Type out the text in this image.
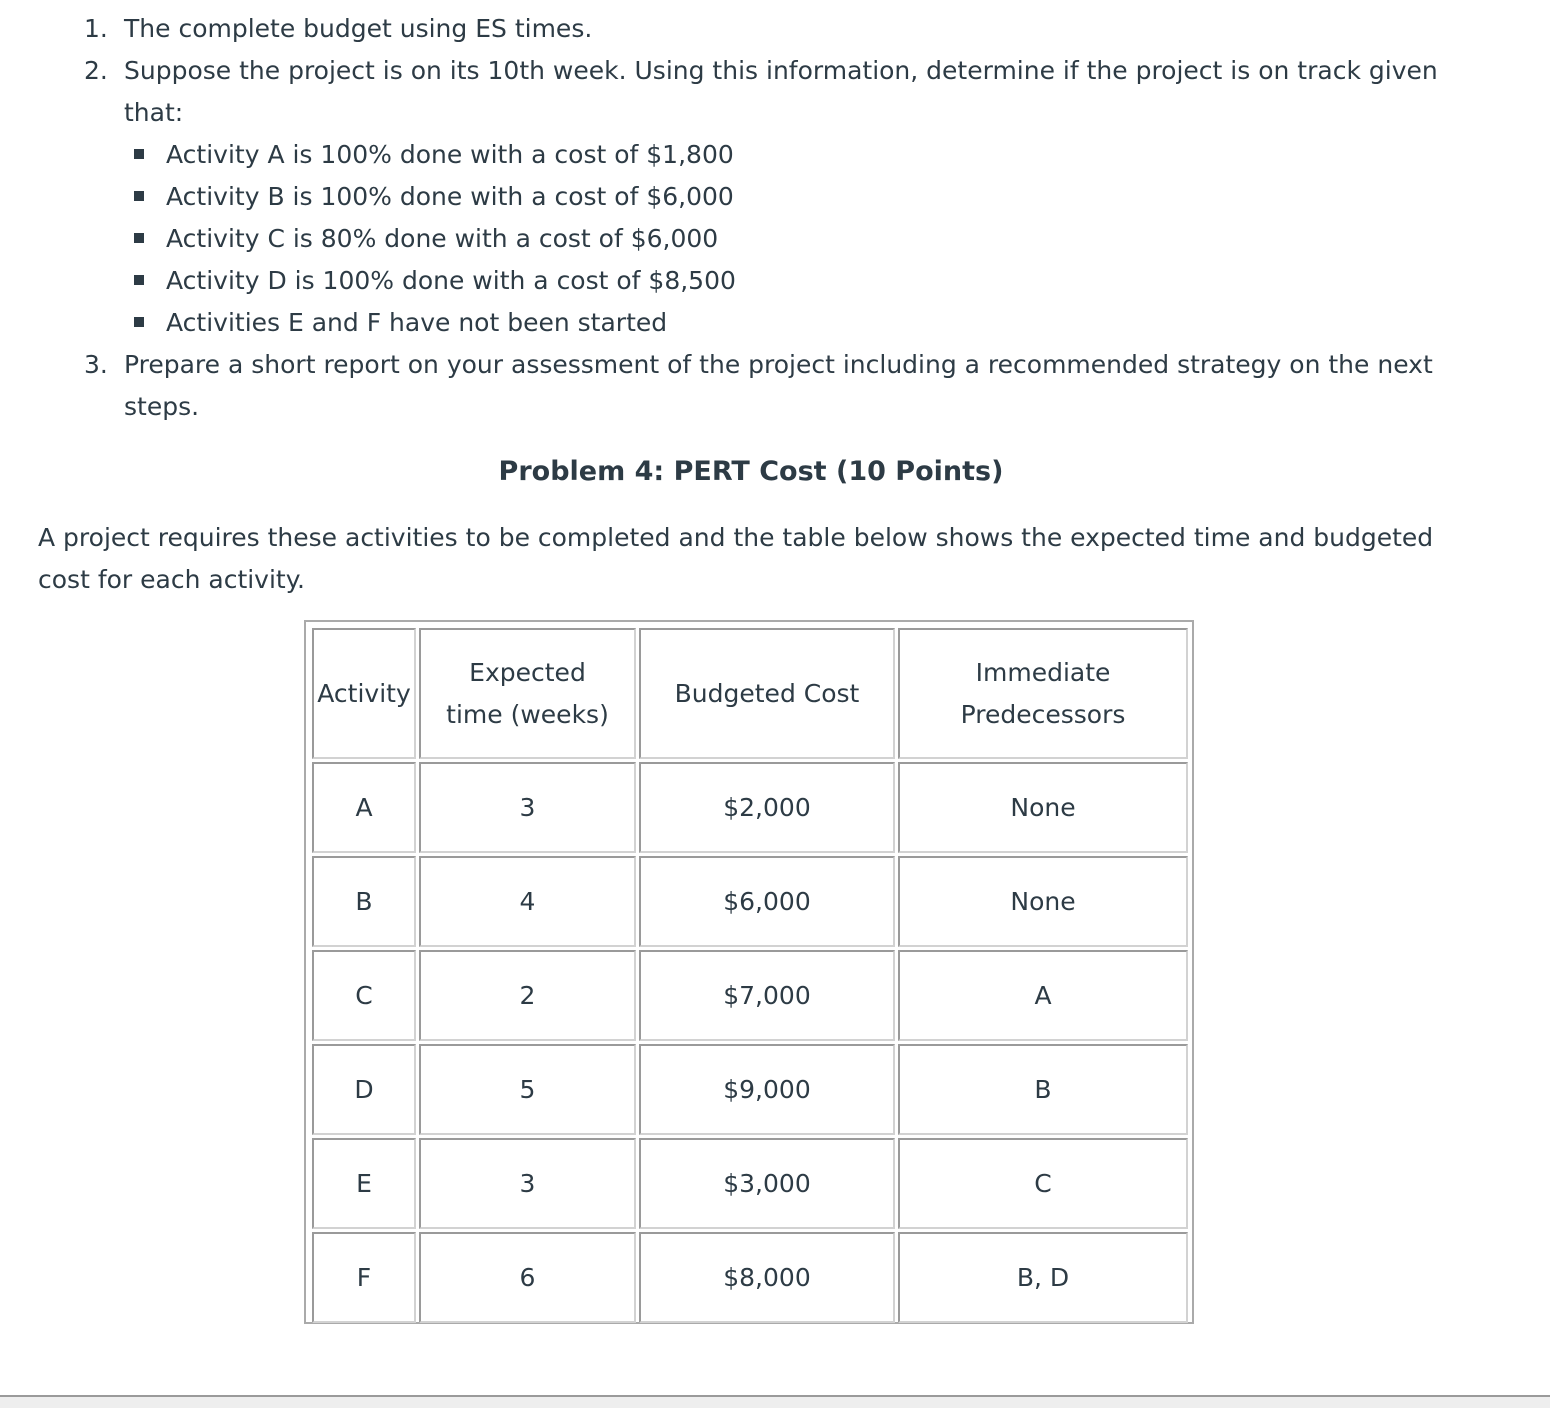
1. The complete budget using ES times.
2. Suppose the project is on its 10th week. Using this information, determine if the project is on track given that:
Activity A is 100% done with a cost of $1,800
Activity B is 100% done with a cost of $6,000
Activity C is 80% done with a cost of $6,000
Activity D is 100% done with a cost of $8,500
Activities E and F have not been started
3. Prepare a short report on your assessment of the project including a recommended strategy on the next steps.
Problem 4: PERT Cost (10 Points)

A project requires these activities to be completed and the table below shows the expected time and budgeted cost for each activity.

Activity	Expected time (weeks)	Budgeted Cost	Immediate Predecessors

A	3	$2,000	None
B	4	$6,000	None
C	2	$7,000	A
D	5	$9,000	B
E	3	$3,000	C
F	6	$8,000	B, D
